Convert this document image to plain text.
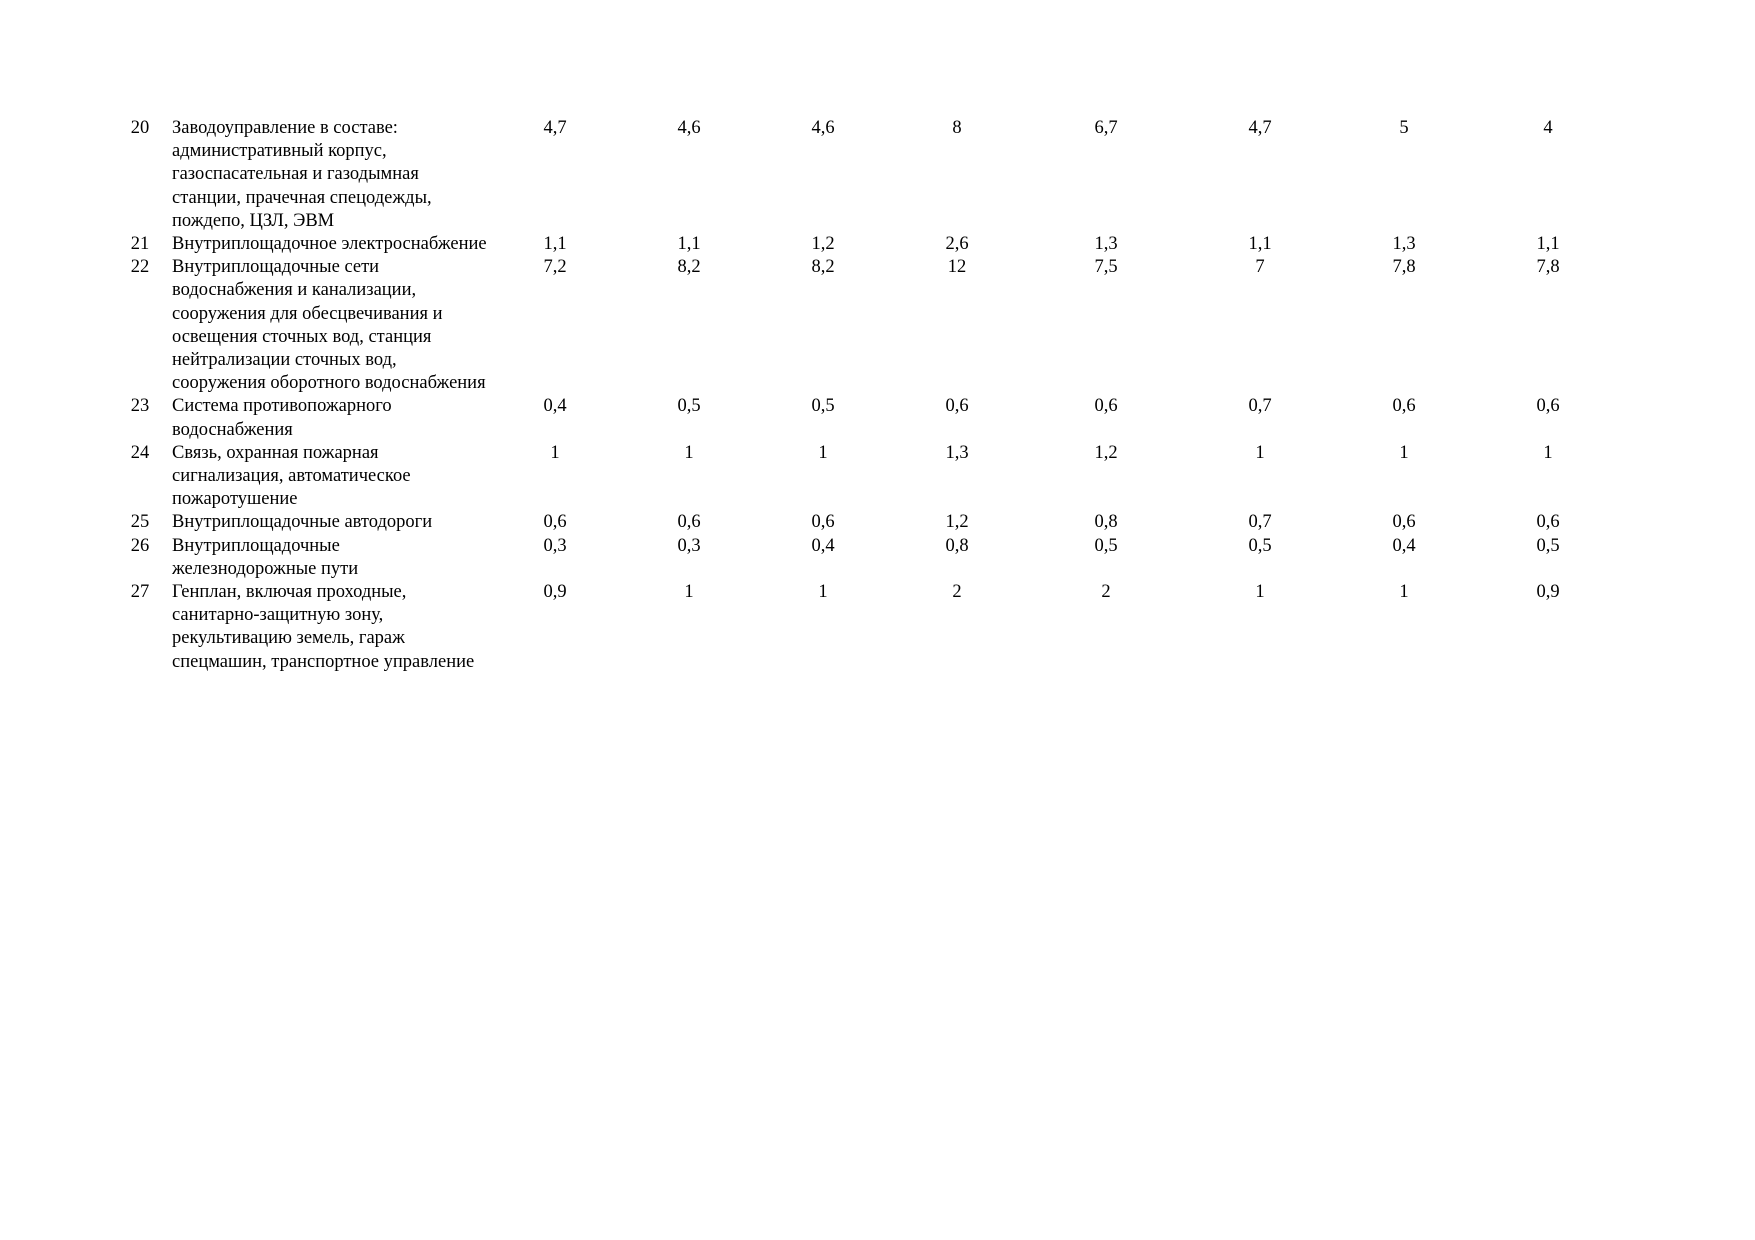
20	Заводоуправление в составе: административный корпус, газоспасательная и газодымная станции, прачечная спецодежды, пождепо, ЦЗЛ, ЭВМ	4,7	4,6	4,6	8	6,7	4,7	5	4
21	Внутриплощадочное электроснабжение	1,1	1,1	1,2	2,6	1,3	1,1	1,3	1,1
22	Внутриплощадочные сети водоснабжения и канализации, сооружения для обесцвечивания и освещения сточных вод, станция нейтрализации сточных вод, сооружения оборотного водоснабжения	7,2	8,2	8,2	12	7,5	7	7,8	7,8
23	Система противопожарного водоснабжения	0,4	0,5	0,5	0,6	0,6	0,7	0,6	0,6
24	Связь, охранная пожарная сигнализация, автоматическое пожаротушение	1	1	1	1,3	1,2	1	1	1
25	Внутриплощадочные автодороги	0,6	0,6	0,6	1,2	0,8	0,7	0,6	0,6
26	Внутриплощадочные железнодорожные пути	0,3	0,3	0,4	0,8	0,5	0,5	0,4	0,5
27	Генплан, включая проходные, санитарно-защитную зону, рекультивацию земель, гараж спецмашин, транспортное управление	0,9	1	1	2	2	1	1	0,9
